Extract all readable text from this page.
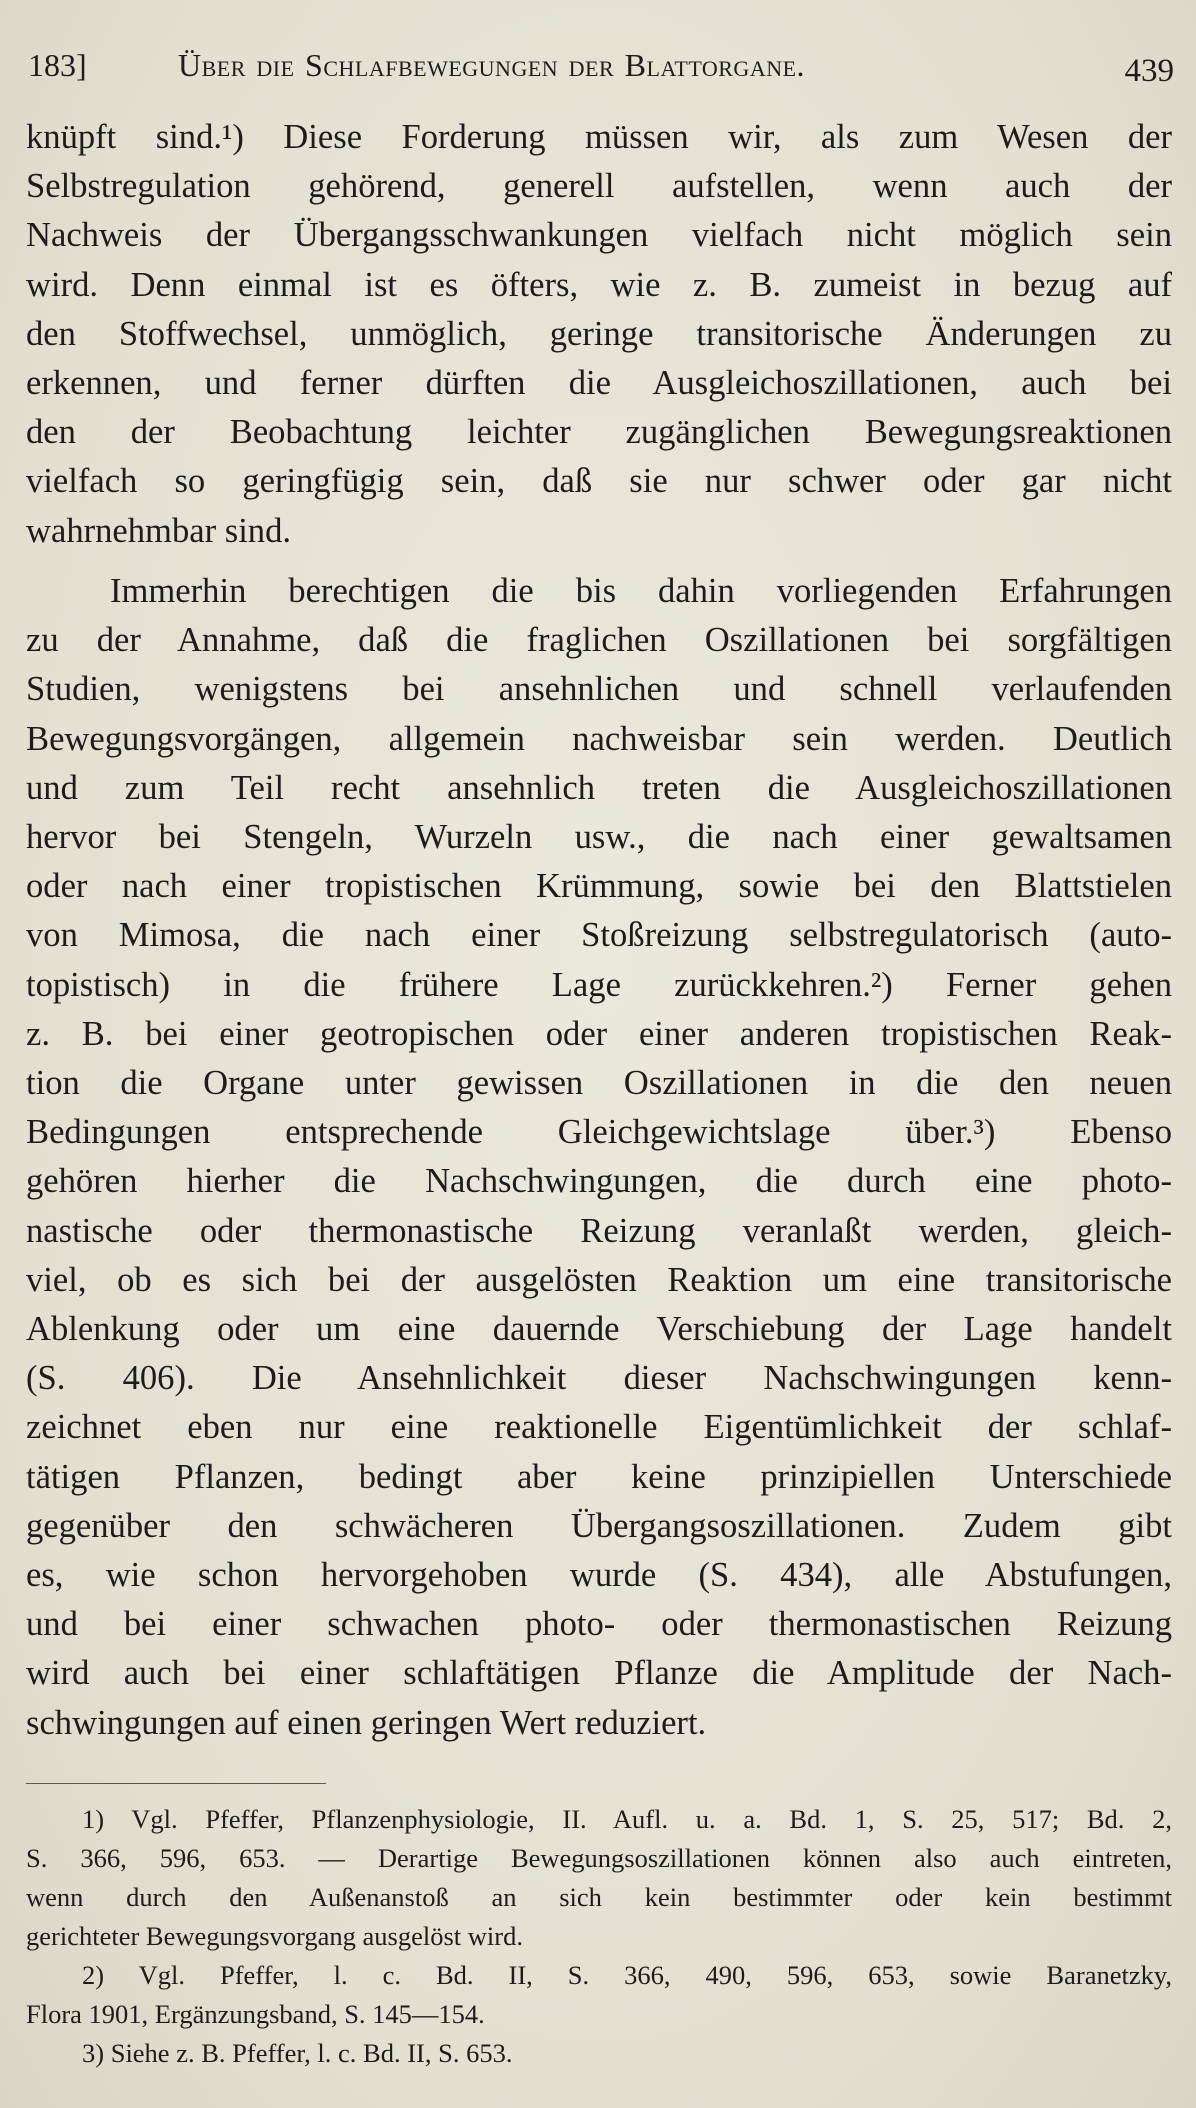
183]	Über die Schlafbewegungen der Blattorgane.	439
knüpft sind.¹) Diese Forderung müssen wir, als zum Wesen der
Selbstregulation gehörend, generell aufstellen, wenn auch der
Nachweis der Übergangsschwankungen vielfach nicht möglich sein
wird. Denn einmal ist es öfters, wie z. B. zumeist in bezug auf
den Stoffwechsel, unmöglich, geringe transitorische Änderungen zu
erkennen, und ferner dürften die Ausgleichoszillationen, auch bei
den der Beobachtung leichter zugänglichen Bewegungsreaktionen
vielfach so geringfügig sein, daß sie nur schwer oder gar nicht
wahrnehmbar sind.
Immerhin berechtigen die bis dahin vorliegenden Erfahrungen
zu der Annahme, daß die fraglichen Oszillationen bei sorgfältigen
Studien, wenigstens bei ansehnlichen und schnell verlaufenden
Bewegungsvorgängen, allgemein nachweisbar sein werden. Deutlich
und zum Teil recht ansehnlich treten die Ausgleichoszillationen
hervor bei Stengeln, Wurzeln usw., die nach einer gewaltsamen
oder nach einer tropistischen Krümmung, sowie bei den Blattstielen
von Mimosa, die nach einer Stoßreizung selbstregulatorisch (auto-
topistisch) in die frühere Lage zurückkehren.²) Ferner gehen
z. B. bei einer geotropischen oder einer anderen tropistischen Reak-
tion die Organe unter gewissen Oszillationen in die den neuen
Bedingungen entsprechende Gleichgewichtslage über.³) Ebenso
gehören hierher die Nachschwingungen, die durch eine photo-
nastische oder thermonastische Reizung veranlaßt werden, gleich-
viel, ob es sich bei der ausgelösten Reaktion um eine transitorische
Ablenkung oder um eine dauernde Verschiebung der Lage handelt
(S. 406). Die Ansehnlichkeit dieser Nachschwingungen kenn-
zeichnet eben nur eine reaktionelle Eigentümlichkeit der schlaf-
tätigen Pflanzen, bedingt aber keine prinzipiellen Unterschiede
gegenüber den schwächeren Übergangsoszillationen. Zudem gibt
es, wie schon hervorgehoben wurde (S. 434), alle Abstufungen,
und bei einer schwachen photo- oder thermonastischen Reizung
wird auch bei einer schlaftätigen Pflanze die Amplitude der Nach-
schwingungen auf einen geringen Wert reduziert.
1) Vgl. Pfeffer, Pflanzenphysiologie, II. Aufl. u. a. Bd. 1, S. 25, 517; Bd. 2,
S. 366, 596, 653. — Derartige Bewegungsoszillationen können also auch eintreten,
wenn durch den Außenanstoß an sich kein bestimmter oder kein bestimmt
gerichteter Bewegungsvorgang ausgelöst wird.
2) Vgl. Pfeffer, l. c. Bd. II, S. 366, 490, 596, 653, sowie Baranetzky,
Flora 1901, Ergänzungsband, S. 145—154.
3) Siehe z. B. Pfeffer, l. c. Bd. II, S. 653.
